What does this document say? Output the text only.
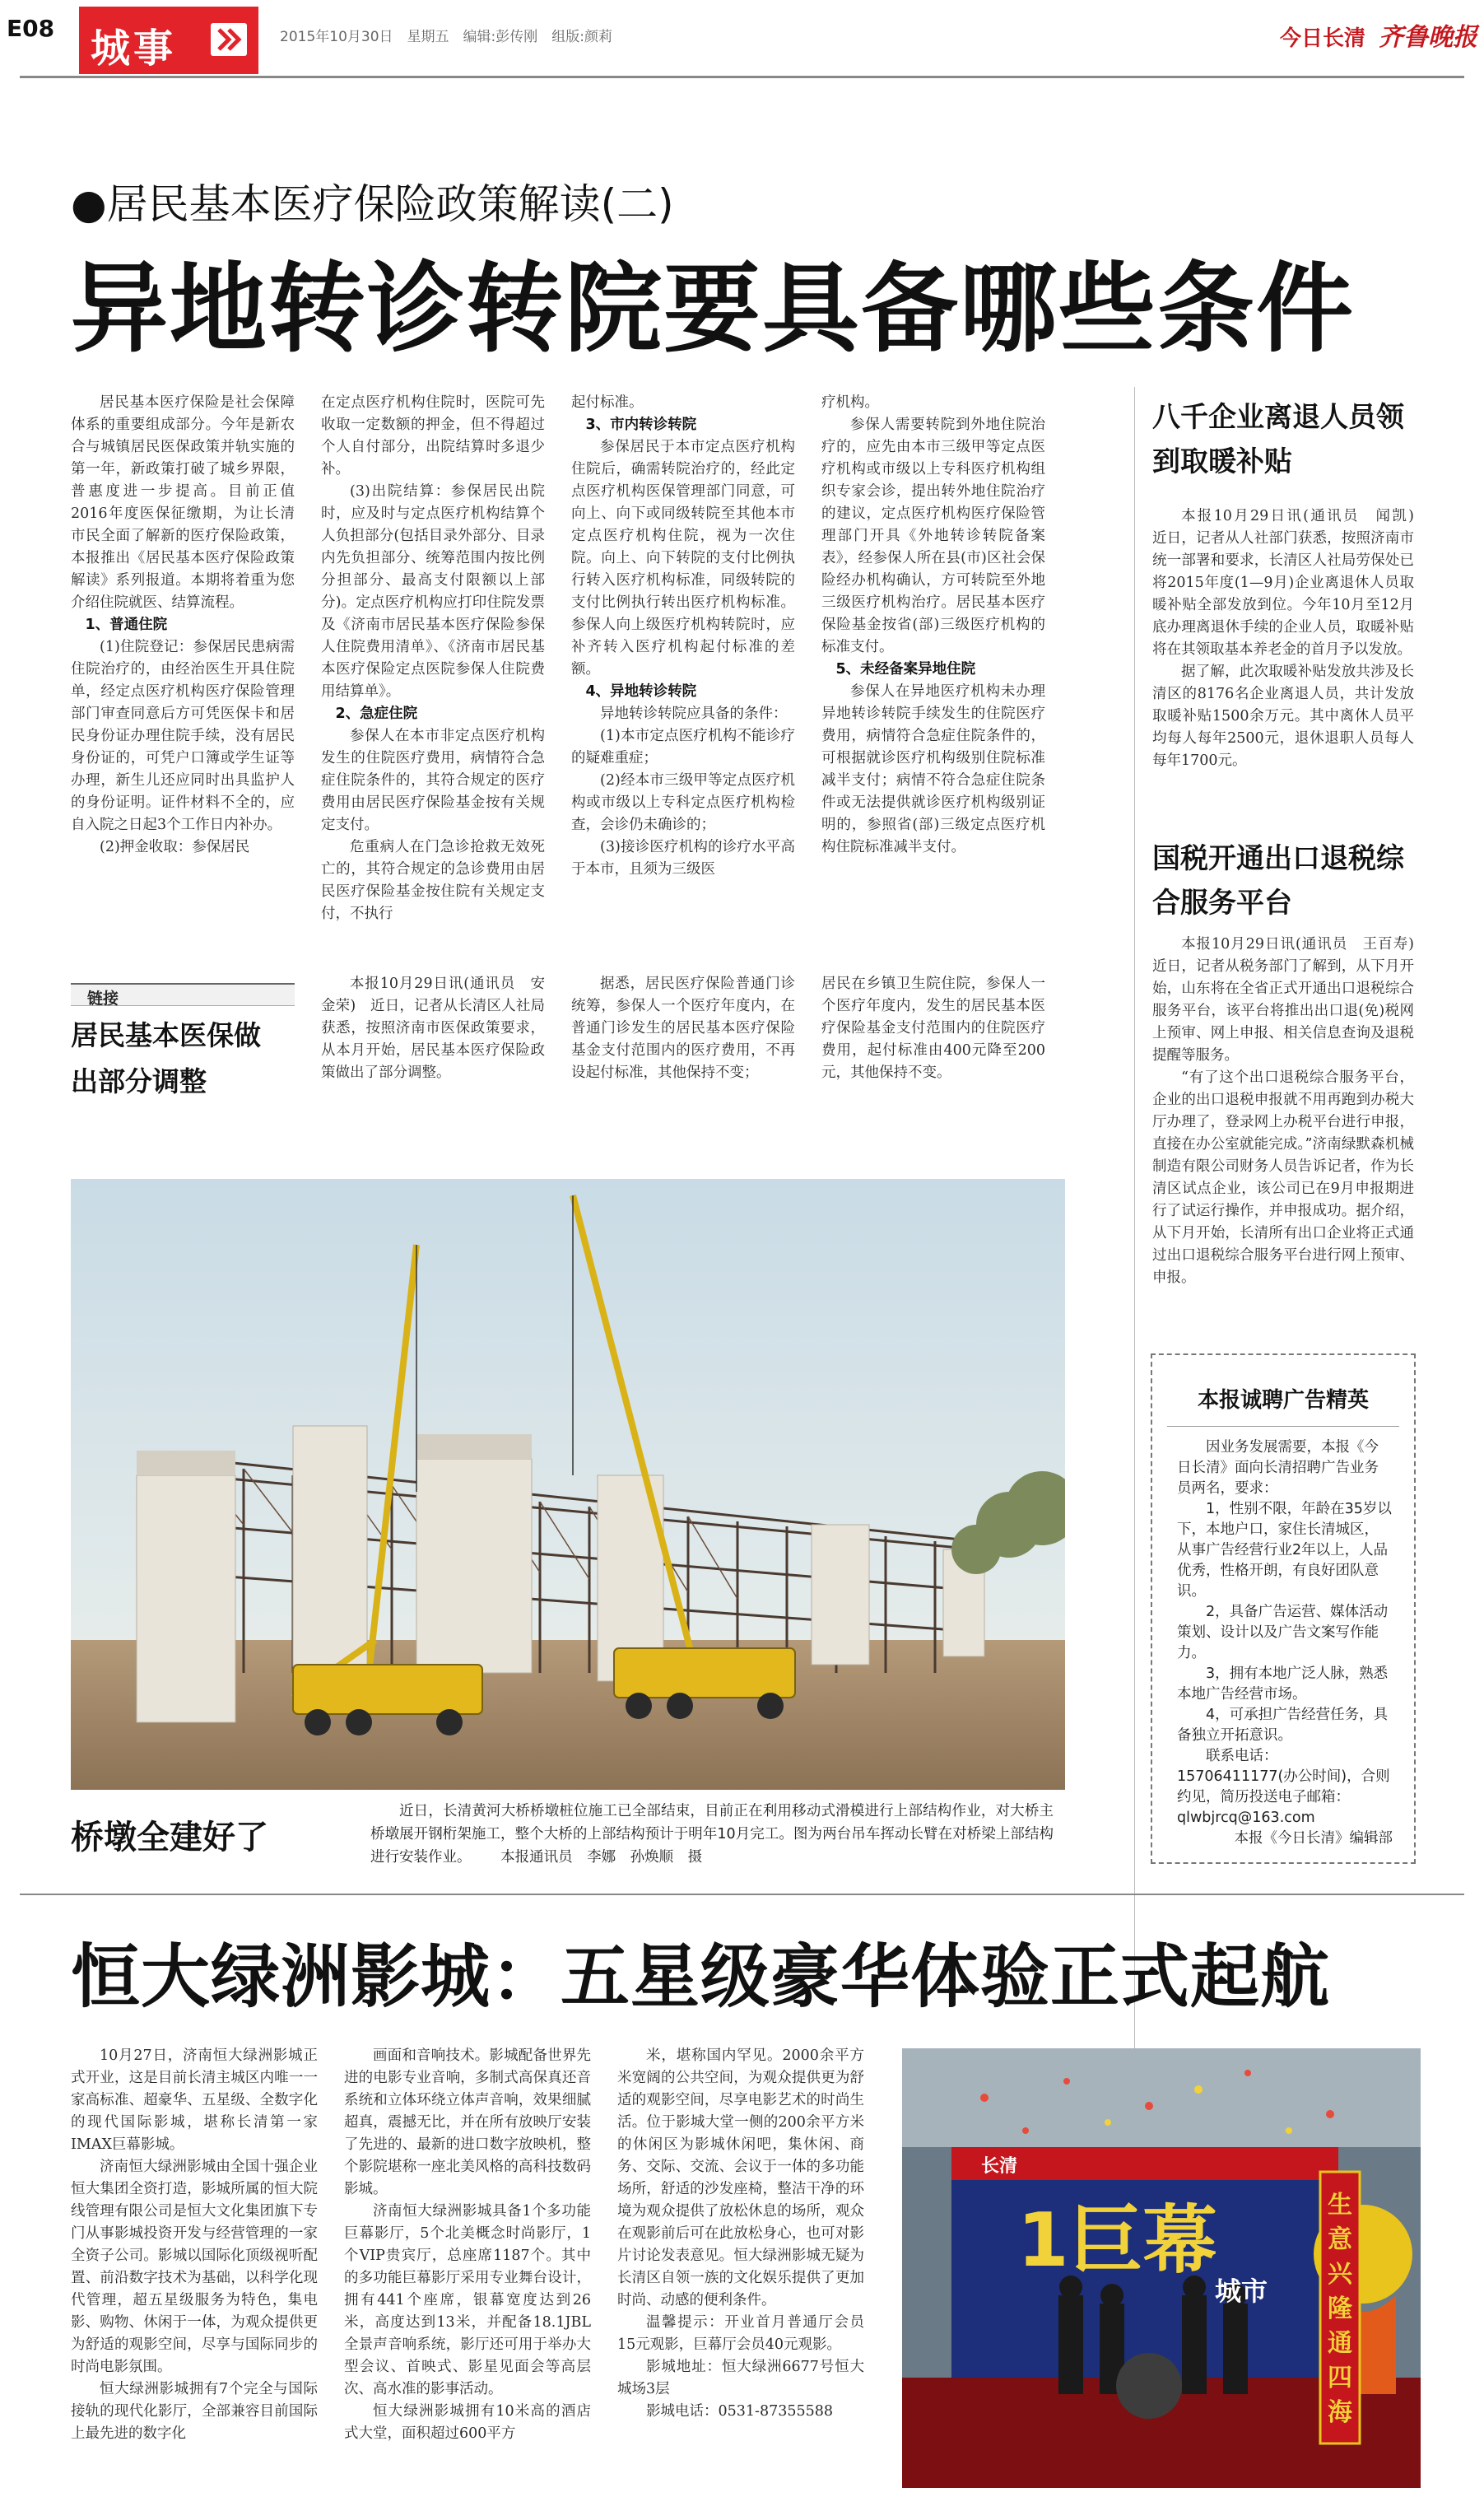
E08 城事	2015年10月30日　星期五　编辑:彭传刚　组版:颜莉	今日长清 齐鲁晚报
●居民基本医疗保险政策解读(二)
异地转诊转院要具备哪些条件

居民基本医疗保险是社会保障体系的重要组成部分。今年是新农合与城镇居民医保政策并轨实施的第一年，新政策打破了城乡界限，普惠度进一步提高。目前正值2016年度医保征缴期，为让长清市民全面了解新的医疗保险政策，本报推出《居民基本医疗保险政策解读》系列报道。本期将着重为您介绍住院就医、结算流程。

1、普通住院

(1)住院登记：参保居民患病需住院治疗的，由经治医生开具住院单，经定点医疗机构医疗保险管理部门审查同意后方可凭医保卡和居民身份证办理住院手续，没有居民身份证的，可凭户口簿或学生证等办理，新生儿还应同时出具监护人的身份证明。证件材料不全的，应自入院之日起3个工作日内补办。

(2)押金收取：参保居民

在定点医疗机构住院时，医院可先收取一定数额的押金，但不得超过个人自付部分，出院结算时多退少补。

(3)出院结算：参保居民出院时，应及时与定点医疗机构结算个人负担部分(包括目录外部分、目录内先负担部分、统筹范围内按比例分担部分、最高支付限额以上部分)。定点医疗机构应打印住院发票及《济南市居民基本医疗保险参保人住院费用清单》、《济南市居民基本医疗保险定点医院参保人住院费用结算单》。

2、急症住院

参保人在本市非定点医疗机构发生的住院医疗费用，病情符合急症住院条件的，其符合规定的医疗费用由居民医疗保险基金按有关规定支付。

危重病人在门急诊抢救无效死亡的，其符合规定的急诊费用由居民医疗保险基金按住院有关规定支付，不执行

起付标准。

3、市内转诊转院

参保居民于本市定点医疗机构住院后，确需转院治疗的，经此定点医疗机构医保管理部门同意，可向上、向下或同级转院至其他本市定点医疗机构住院，视为一次住院。向上、向下转院的支付比例执行转入医疗机构标准，同级转院的支付比例执行转出医疗机构标准。参保人向上级医疗机构转院时，应补齐转入医疗机构起付标准的差额。

4、异地转诊转院

异地转诊转院应具备的条件：

(1)本市定点医疗机构不能诊疗的疑难重症；

(2)经本市三级甲等定点医疗机构或市级以上专科定点医疗机构检查，会诊仍未确诊的；

(3)接诊医疗机构的诊疗水平高于本市，且须为三级医

疗机构。

参保人需要转院到外地住院治疗的，应先由本市三级甲等定点医疗机构或市级以上专科医疗机构组织专家会诊，提出转外地住院治疗的建议，定点医疗机构医疗保险管理部门开具《外地转诊转院备案表》，经参保人所在县(市)区社会保险经办机构确认，方可转院至外地三级医疗机构治疗。居民基本医疗保险基金按省(部)三级医疗机构的标准支付。

5、未经备案异地住院

参保人在异地医疗机构未办理异地转诊转院手续发生的住院医疗费用，病情符合急症住院条件的，可根据就诊医疗机构级别住院标准减半支付；病情不符合急症住院条件或无法提供就诊医疗机构级别证明的，参照省(部)三级定点医疗机构住院标准减半支付。

链接
居民基本医保做出部分调整

本报10月29日讯(通讯员　安金荣)　近日，记者从长清区人社局获悉，按照济南市医保政策要求，从本月开始，居民基本医疗保险政策做出了部分调整。

据悉，居民医疗保险普通门诊统筹，参保人一个医疗年度内，在普通门诊发生的居民基本医疗保险基金支付范围内的医疗费用，不再设起付标准，其他保持不变；

居民在乡镇卫生院住院，参保人一个医疗年度内，发生的居民基本医疗保险基金支付范围内的住院医疗费用，起付标准由400元降至200元，其他保持不变。

八千企业离退人员领到取暖补贴

本报10月29日讯(通讯员　闻凯)　近日，记者从人社部门获悉，按照济南市统一部署和要求，长清区人社局劳保处已将2015年度(1—9月)企业离退休人员取暖补贴全部发放到位。今年10月至12月底办理离退休手续的企业人员，取暖补贴将在其领取基本养老金的首月予以发放。

据了解，此次取暖补贴发放共涉及长清区的8176名企业离退人员，共计发放取暖补贴1500余万元。其中离休人员平均每人每年2500元，退休退职人员每人每年1700元。

国税开通出口退税综合服务平台

本报10月29日讯(通讯员　王百寿)　近日，记者从税务部门了解到，从下月开始，山东将在全省正式开通出口退税综合服务平台，该平台将推出出口退(免)税网上预审、网上申报、相关信息查询及退税提醒等服务。

“有了这个出口退税综合服务平台，企业的出口退税申报就不用再跑到办税大厅办理了，登录网上办税平台进行申报，直接在办公室就能完成。”济南绿默森机械制造有限公司财务人员告诉记者，作为长清区试点企业，该公司已在9月申报期进行了试运行操作，并申报成功。据介绍，从下月开始，长清所有出口企业将正式通过出口退税综合服务平台进行网上预审、申报。

本报诚聘广告精英

因业务发展需要，本报《今日长清》面向长清招聘广告业务员两名，要求：

1，性别不限，年龄在35岁以下，本地户口，家住长清城区，从事广告经营行业2年以上，人品优秀，性格开朗，有良好团队意识。

2，具备广告运营、媒体活动策划、设计以及广告文案写作能力。

3，拥有本地广泛人脉，熟悉本地广告经营市场。

4，可承担广告经营任务，具备独立开拓意识。

联系电话：15706411177(办公时间)，合则约见，简历投送电子邮箱：qlwbjrcq@163.com

本报《今日长清》编辑部

桥墩全建好了
近日，长清黄河大桥桥墩桩位施工已全部结束，目前正在利用移动式滑模进行上部结构作业，对大桥主桥墩展开钢桁架施工，整个大桥的上部结构预计于明年10月完工。图为两台吊车挥动长臂在对桥梁上部结构进行安装作业。 本报通讯员　李娜　孙焕顺　摄
恒大绿洲影城：五星级豪华体验正式起航

10月27日，济南恒大绿洲影城正式开业，这是目前长清主城区内唯一一家高标准、超豪华、五星级、全数字化的现代国际影城，堪称长清第一家IMAX巨幕影城。

济南恒大绿洲影城由全国十强企业恒大集团全资打造，影城所属的恒大院线管理有限公司是恒大文化集团旗下专门从事影城投资开发与经营管理的一家全资子公司。影城以国际化顶级视听配置、前沿数字技术为基础，以科学化现代管理，超五星级服务为特色，集电影、购物、休闲于一体，为观众提供更为舒适的观影空间，尽享与国际同步的时尚电影氛围。

恒大绿洲影城拥有7个完全与国际接轨的现代化影厅，全部兼容目前国际上最先进的数字化

画面和音响技术。影城配备世界先进的电影专业音响，多制式高保真还音系统和立体环绕立体声音响，效果细腻超真，震撼无比，并在所有放映厅安装了先进的、最新的进口数字放映机，整个影院堪称一座北美风格的高科技数码影城。

济南恒大绿洲影城具备1个多功能巨幕影厅，5个北美概念时尚影厅，1个VIP贵宾厅，总座席1187个。其中的多功能巨幕影厅采用专业舞台设计，拥有441个座席，银幕宽度达到26米，高度达到13米，并配备18.1JBL全景声音响系统，影厅还可用于举办大型会议、首映式、影星见面会等高层次、高水准的影事活动。

恒大绿洲影城拥有10米高的酒店式大堂，面积超过600平方

米，堪称国内罕见。2000余平方米宽阔的公共空间，为观众提供更为舒适的观影空间，尽享电影艺术的时尚生活。位于影城大堂一侧的200余平方米的休闲区为影城休闲吧，集休闲、商务、交际、交流、会议于一体的多功能场所，舒适的沙发座椅，整洁干净的环境为观众提供了放松休息的场所，观众在观影前后可在此放松身心，也可对影片讨论发表意见。恒大绿洲影城无疑为长清区自领一族的文化娱乐提供了更加时尚、动感的便利条件。

温馨提示：开业首月普通厅会员15元观影，巨幕厅会员40元观影。

影城地址：恒大绿洲6677号恒大城场3层

影城电话：0531-87355588

长清
1巨幕
城市
生意兴隆通四海
